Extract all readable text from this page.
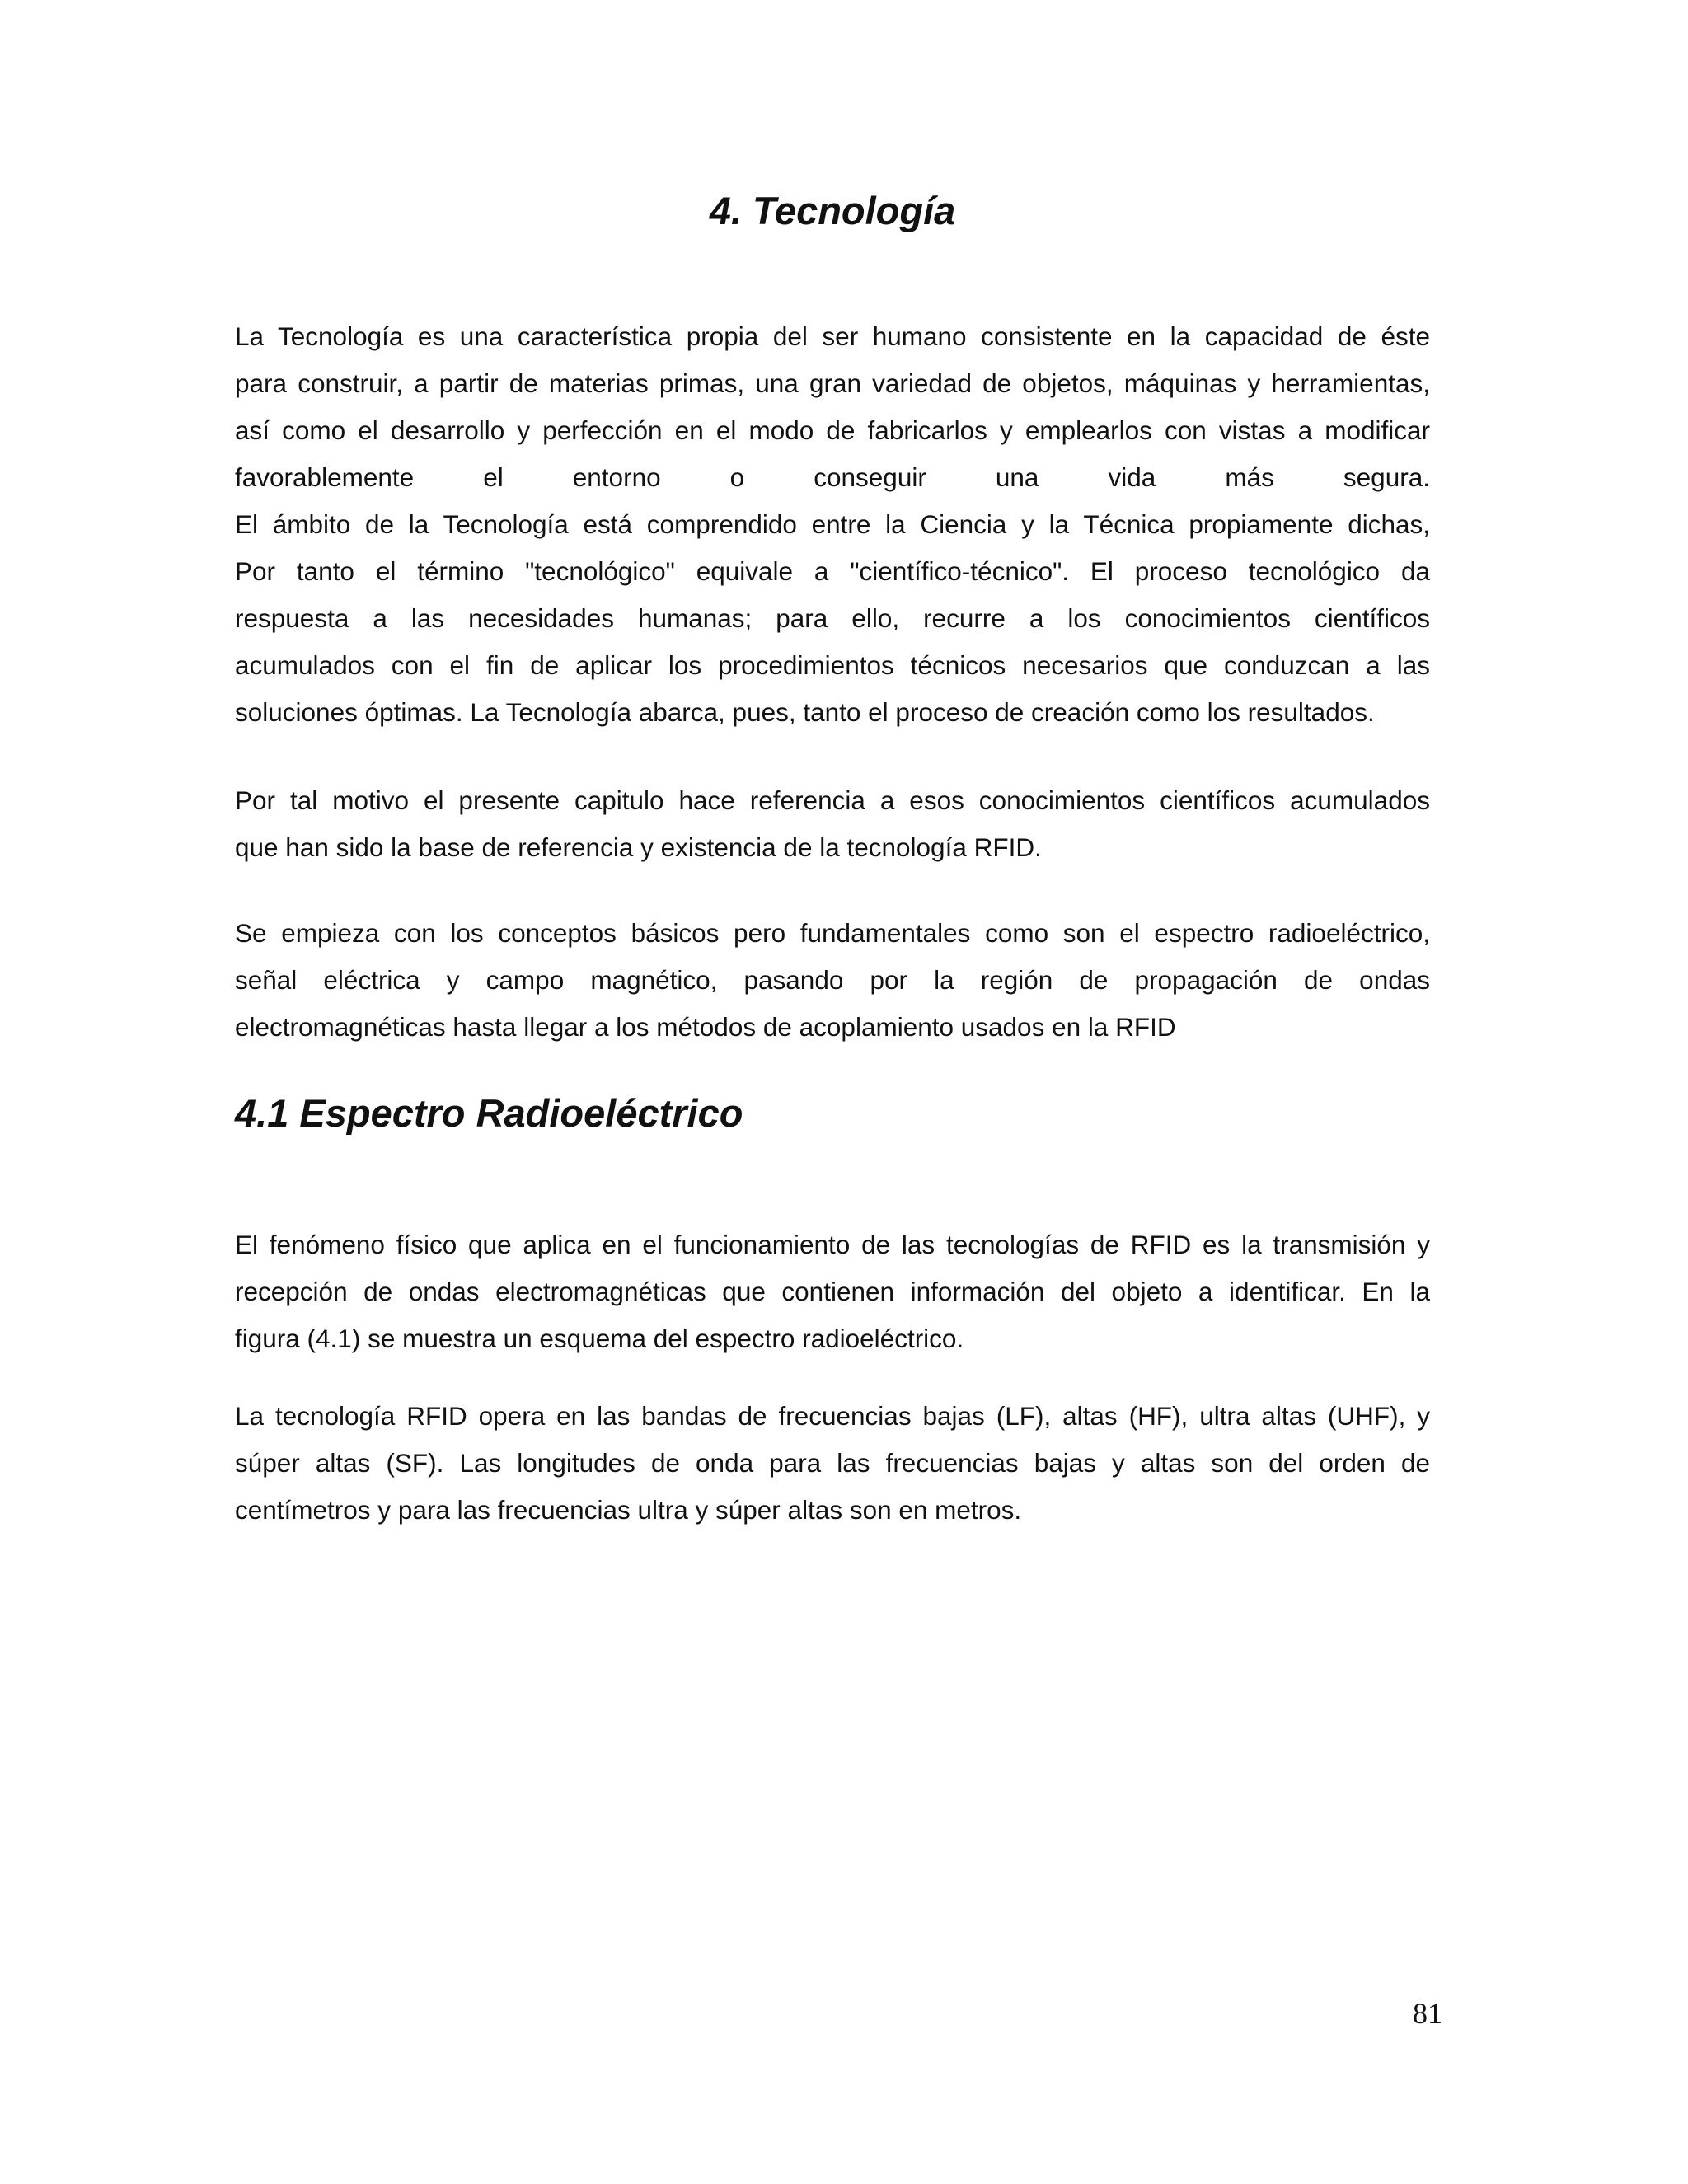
4. Tecnología
La Tecnología es una característica propia del ser humano consistente en la capacidad de éste
para construir, a partir de materias primas, una gran variedad de objetos, máquinas y herramientas,
así como el desarrollo y perfección en el modo de fabricarlos y emplearlos con vistas a modificar
favorablemente el entorno o conseguir una vida más segura.
El ámbito de la Tecnología está comprendido entre la Ciencia y la Técnica propiamente dichas,
Por tanto el término "tecnológico" equivale a "científico-técnico". El proceso tecnológico da
respuesta a las necesidades humanas; para ello, recurre a los conocimientos científicos
acumulados con el fin de aplicar los procedimientos técnicos necesarios que conduzcan a las
soluciones óptimas. La Tecnología abarca, pues, tanto el proceso de creación como los resultados.
Por tal motivo el presente capitulo hace referencia a esos conocimientos científicos acumulados
que han sido la base de referencia y existencia de la tecnología RFID.
Se empieza con los conceptos básicos pero fundamentales como son el espectro radioeléctrico,
señal eléctrica y campo magnético, pasando por la región de propagación de ondas
electromagnéticas hasta llegar a los métodos de acoplamiento usados en la RFID
4.1 Espectro Radioeléctrico
El fenómeno físico que aplica en el funcionamiento de las tecnologías de RFID es la transmisión y
recepción de ondas electromagnéticas que contienen información del objeto a identificar. En la
figura (4.1) se muestra un esquema del espectro radioeléctrico.
La tecnología RFID opera en las bandas de frecuencias bajas (LF), altas (HF), ultra altas (UHF), y
súper altas (SF). Las longitudes de onda para las frecuencias bajas y altas son del orden de
centímetros y para las frecuencias ultra y súper altas son en metros.

81
